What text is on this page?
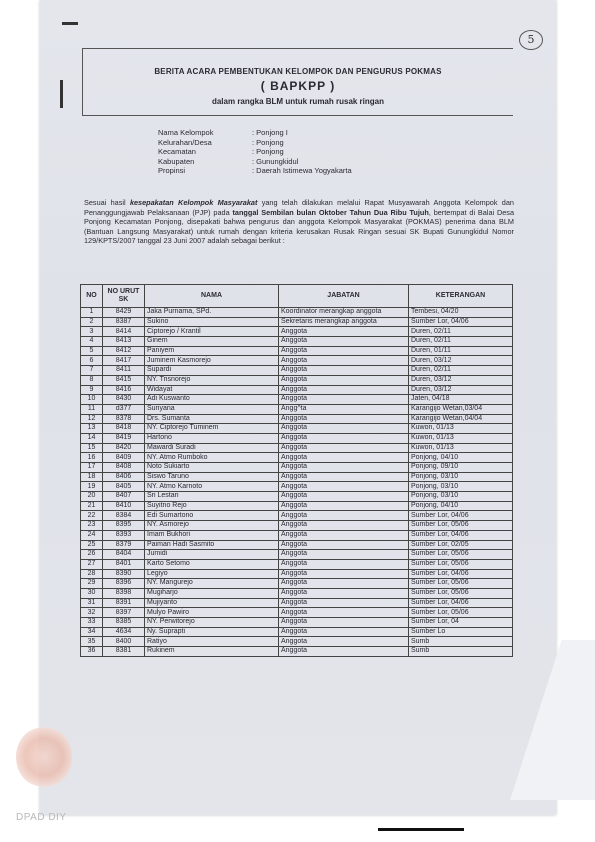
5
BERITA ACARA PEMBENTUKAN KELOMPOK DAN PENGURUS POKMAS
( BAPKPP )
dalam rangka BLM untuk rumah rusak ringan
Nama Kelompok	: Ponjong I
Kelurahan/Desa	: Ponjong
Kecamatan	: Ponjong
Kabupaten	: Gunungkidul
Propinsi	: Daerah Istimewa Yogyakarta
Sesuai hasil kesepakatan Kelompok Masyarakat yang telah dilakukan melalui Rapat Musyawarah Anggota Kelompok dan Penanggungjawab Pelaksanaan (PJP) pada tanggal Sembilan bulan Oktober Tahun Dua Ribu Tujuh, bertempat di Balai Desa Ponjong Kecamatan Ponjong, disepakati bahwa pengurus dan anggota Kelompok Masyarakat (POKMAS) penerima dana BLM (Bantuan Langsung Masyarakat) untuk rumah dengan kriteria kerusakan Rusak Ringan sesuai SK Bupati Gunungkidul Nomor 129/KPTS/2007 tanggal 23 Juni 2007 adalah sebagai berikut :
NO	NO URUT SK	NAMA	JABATAN	KETERANGAN
1	8429	Jaka Purnama, SPd.	Koordinator merangkap anggota	Tembesi, 04/20
2	8387	Sukino	Sekretaris merangkap anggota	Sumber Lor, 04/06
3	8414	Ciptorejo / Krantil	Anggota	Duren, 02/11
4	8413	Ginem	Anggota	Duren, 02/11
5	8412	Paniyem	Anggota	Duren, 01/11
6	8417	Juminem Kasmorejo	Anggota	Duren, 03/12
7	8411	Supardi	Anggota	Duren, 02/11
8	8415	NY. Trisnorejo	Anggota	Duren, 03/12
9	8416	Widayat	Anggota	Duren, 03/12
10	8430	Adi Kuswanto	Anggota	Jaten, 04/18
11	d377	Suriyana	Angg^ta	Karangijo Wetan,03/04
12	8378	Drs. Sumanta	Anggota	Karangijo Wetan,04/04
13	8418	NY. Ciptorejo Tuminem	Anggota	Kuwon, 01/13
14	8419	Hartono	Anggota	Kuwon, 01/13
15	8420	Mawardi Suradi	Anggota	Kuwon, 01/13
16	8409	NY. Atmo Rumboko	Anggota	Ponjong, 04/10
17	8408	Noto Sukiarto	Anggota	Ponjong, 09/10
18	8406	Siswo Taruno	Anggota	Ponjong, 03/10
19	8405	NY. Atmo Karnoto	Anggota	Ponjong, 03/10
20	8407	Sri Lestari	Anggota	Ponjong, 03/10
21	8410	Suyitno Rejo	Anggota	Ponjong, 04/10
22	8384	Edi Sumartono	Anggota	Sumber Lor, 04/06
23	8395	NY. Asmorejo	Anggota	Sumber Lor, 05/06
24	8393	Imam Bukhori	Anggota	Sumber Lor, 04/06
25	8379	Paiman Hadi Sasmito	Anggota	Sumber Lor, 02/05
26	8404	Jumidi	Anggota	Sumber Lor, 05/06
27	8401	Karto Setomo	Anggota	Sumber Lor, 05/06
28	8390	Legiyo	Anggota	Sumber Lor, 04/06
29	8396	NY. Mangurejo	Anggota	Sumber Lor, 05/06
30	8398	Mugiharjo	Anggota	Sumber Lor, 05/06
31	8391	Mujiyanto	Anggota	Sumber Lor, 04/06
32	8397	Mulyo Pawiro	Anggota	Sumber Lor, 05/06
33	8385	NY. Perwitorejo	Anggota	Sumber Lor, 04
34	4634	Ny. Suprapti	Anggota	Sumber Lo
35	8400	Ratiyo	Anggota	Sumb
36	8381	Rukinem	Anggota	Sumb
DPAD DIY
